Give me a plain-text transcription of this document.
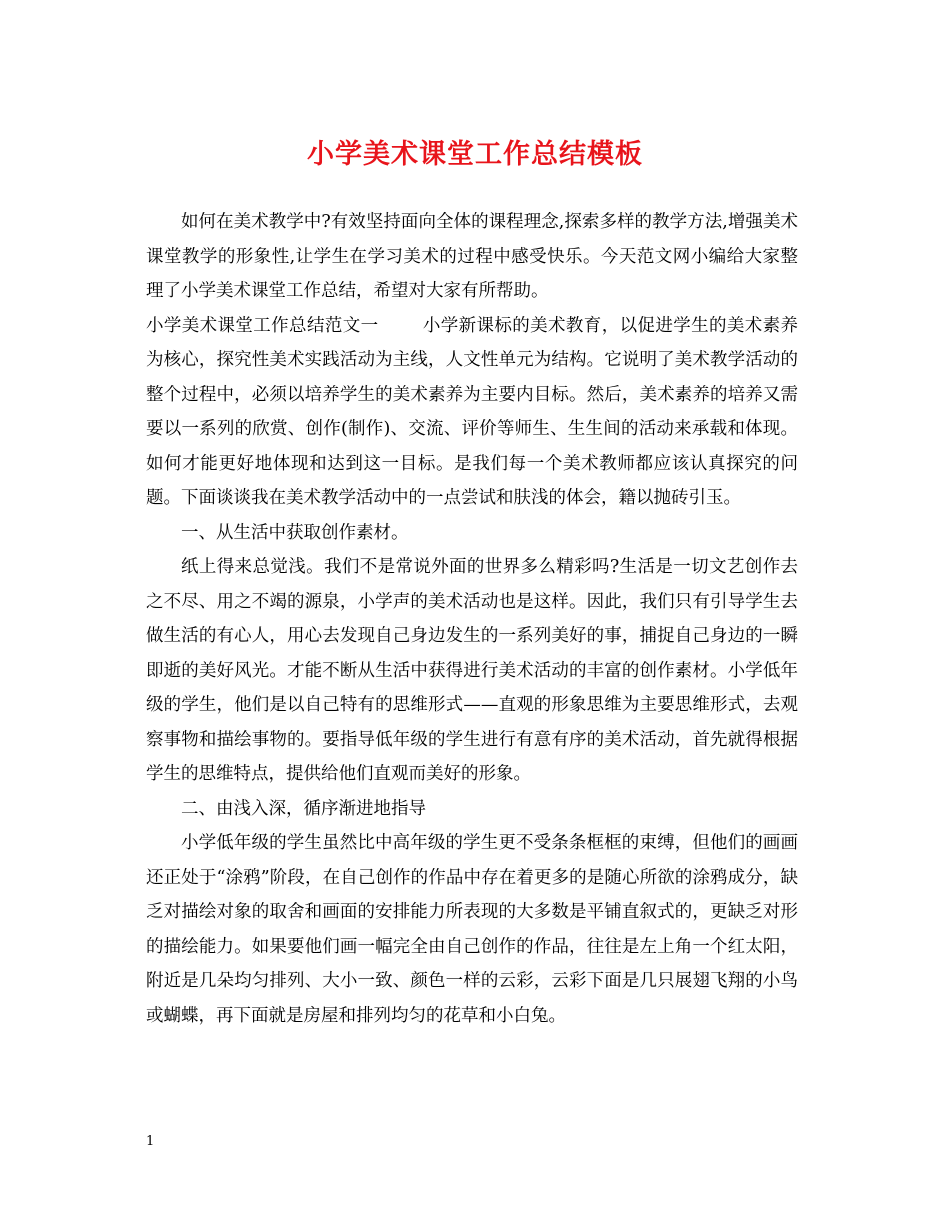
小学美术课堂工作总结模板

如何在美术教学中?有效坚持面向全体的课程理念,探索多样的教学方法,增强美术课堂教学的形象性,让学生在学习美术的过程中感受快乐。今天范文网小编给大家整理了小学美术课堂工作总结，希望对大家有所帮助。

小学美术课堂工作总结范文一	小学新课标的美术教育，以促进学生的美术素养为核心，探究性美术实践活动为主线，人文性单元为结构。它说明了美术教学活动的整个过程中，必须以培养学生的美术素养为主要内目标。然后，美术素养的培养又需要以一系列的欣赏、创作(制作)、交流、评价等师生、生生间的活动来承载和体现。如何才能更好地体现和达到这一目标。是我们每一个美术教师都应该认真探究的问题。下面谈谈我在美术教学活动中的一点尝试和肤浅的体会，籍以抛砖引玉。

一、从生活中获取创作素材。

纸上得来总觉浅。我们不是常说外面的世界多么精彩吗?生活是一切文艺创作去之不尽、用之不竭的源泉，小学声的美术活动也是这样。因此，我们只有引导学生去做生活的有心人，用心去发现自己身边发生的一系列美好的事，捕捉自己身边的一瞬即逝的美好风光。才能不断从生活中获得进行美术活动的丰富的创作素材。小学低年级的学生，他们是以自己特有的思维形式——直观的形象思维为主要思维形式，去观察事物和描绘事物的。要指导低年级的学生进行有意有序的美术活动，首先就得根据学生的思维特点，提供给他们直观而美好的形象。

二、由浅入深，循序渐进地指导

小学低年级的学生虽然比中高年级的学生更不受条条框框的束缚，但他们的画画还正处于“涂鸦”阶段，在自己创作的作品中存在着更多的是随心所欲的涂鸦成分，缺乏对描绘对象的取舍和画面的安排能力所表现的大多数是平铺直叙式的，更缺乏对形的描绘能力。如果要他们画一幅完全由自己创作的作品，往往是左上角一个红太阳，附近是几朵均匀排列、大小一致、颜色一样的云彩，云彩下面是几只展翅飞翔的小鸟或蝴蝶，再下面就是房屋和排列均匀的花草和小白兔。

1
